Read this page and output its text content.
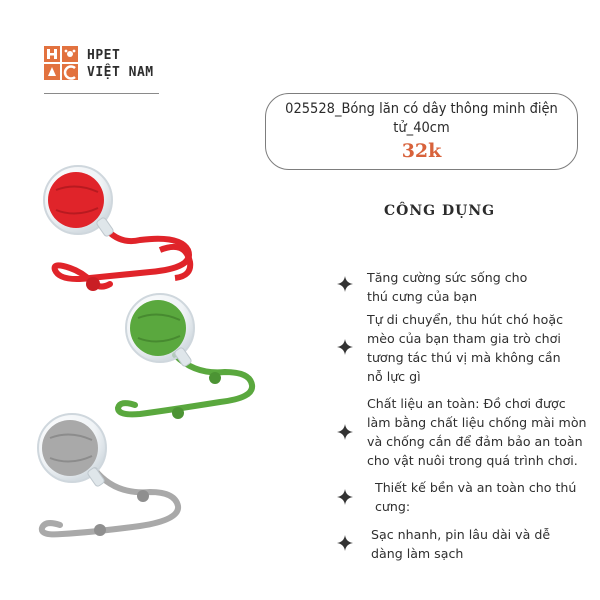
HPET
VIỆT NAM
025528_Bóng lăn có dây thông minh điện tử_40cm
32k
CÔNG DỤNG
Tăng cường sức sống cho thú cưng của bạn
Tự di chuyển, thu hút chó hoặc mèo của bạn tham gia trò chơi tương tác thú vị mà không cần nỗ lực gì
Chất liệu an toàn: Đồ chơi được làm bằng chất liệu chống mài mòn và chống cắn để đảm bảo an toàn cho vật nuôi trong quá trình chơi.
Thiết kế bền và an toàn cho thú cưng:
Sạc nhanh, pin lâu dài và dễ dàng làm sạch
